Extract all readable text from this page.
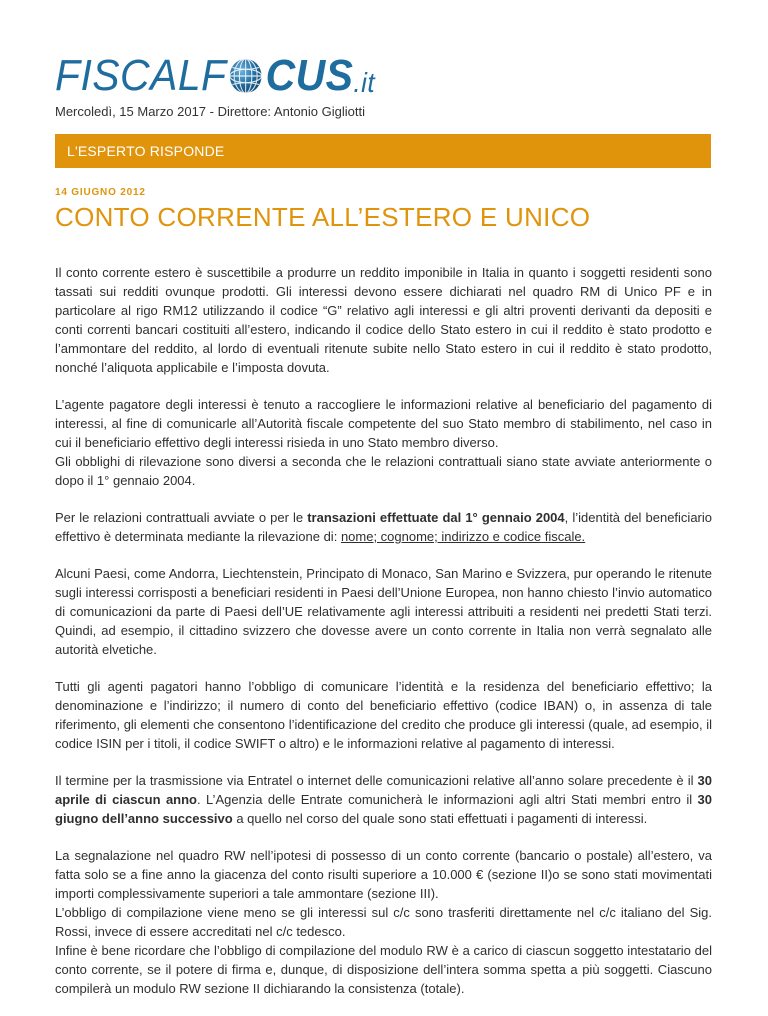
FISCALF CUS .it
Mercoledì, 15 Marzo 2017 - Direttore: Antonio Gigliotti
L'ESPERTO RISPONDE
14 GIUGNO 2012
CONTO CORRENTE ALL’ESTERO E UNICO

Il conto corrente estero è suscettibile a produrre un reddito imponibile in Italia in quanto i soggetti residenti sono tassati sui redditi ovunque prodotti. Gli interessi devono essere dichiarati nel quadro RM di Unico PF e in particolare al rigo RM12 utilizzando il codice “G” relativo agli interessi e gli altri proventi derivanti da depositi e conti correnti bancari costituiti all’estero, indicando il codice dello Stato estero in cui il reddito è stato prodotto e l’ammontare del reddito, al lordo di eventuali ritenute subite nello Stato estero in cui il reddito è stato prodotto, nonché l’aliquota applicabile e l’imposta dovuta.

L’agente pagatore degli interessi è tenuto a raccogliere le informazioni relative al beneficiario del pagamento di interessi, al fine di comunicarle all’Autorità fiscale competente del suo Stato membro di stabilimento, nel caso in cui il beneficiario effettivo degli interessi risieda in uno Stato membro diverso.
Gli obblighi di rilevazione sono diversi a seconda che le relazioni contrattuali siano state avviate anteriormente o dopo il 1° gennaio 2004.

Per le relazioni contrattuali avviate o per le transazioni effettuate dal 1° gennaio 2004, l’identità del beneficiario effettivo è determinata mediante la rilevazione di: nome; cognome; indirizzo e codice fiscale.

Alcuni Paesi, come Andorra, Liechtenstein, Principato di Monaco, San Marino e Svizzera, pur operando le ritenute sugli interessi corrisposti a beneficiari residenti in Paesi dell’Unione Europea, non hanno chiesto l’invio automatico di comunicazioni da parte di Paesi dell’UE relativamente agli interessi attribuiti a residenti nei predetti Stati terzi. Quindi, ad esempio, il cittadino svizzero che dovesse avere un conto corrente in Italia non verrà segnalato alle autorità elvetiche.

Tutti gli agenti pagatori hanno l’obbligo di comunicare l’identità e la residenza del beneficiario effettivo; la denominazione e l’indirizzo; il numero di conto del beneficiario effettivo (codice IBAN) o, in assenza di tale riferimento, gli elementi che consentono l’identificazione del credito che produce gli interessi (quale, ad esempio, il codice ISIN per i titoli, il codice SWIFT o altro) e le informazioni relative al pagamento di interessi.

Il termine per la trasmissione via Entratel o internet delle comunicazioni relative all’anno solare precedente è il 30 aprile di ciascun anno. L’Agenzia delle Entrate comunicherà le informazioni agli altri Stati membri entro il 30 giugno dell’anno successivo a quello nel corso del quale sono stati effettuati i pagamenti di interessi.

La segnalazione nel quadro RW nell’ipotesi di possesso di un conto corrente (bancario o postale) all’estero, va fatta solo se a fine anno la giacenza del conto risulti superiore a 10.000 € (sezione II)o se sono stati movimentati importi complessivamente superiori a tale ammontare (sezione III).
L’obbligo di compilazione viene meno se gli interessi sul c/c sono trasferiti direttamente nel c/c italiano del Sig. Rossi, invece di essere accreditati nel c/c tedesco.
Infine è bene ricordare che l’obbligo di compilazione del modulo RW è a carico di ciascun soggetto intestatario del conto corrente, se il potere di firma e, dunque, di disposizione dell’intera somma spetta a più soggetti. Ciascuno compilerà un modulo RW sezione II dichiarando la consistenza (totale).
